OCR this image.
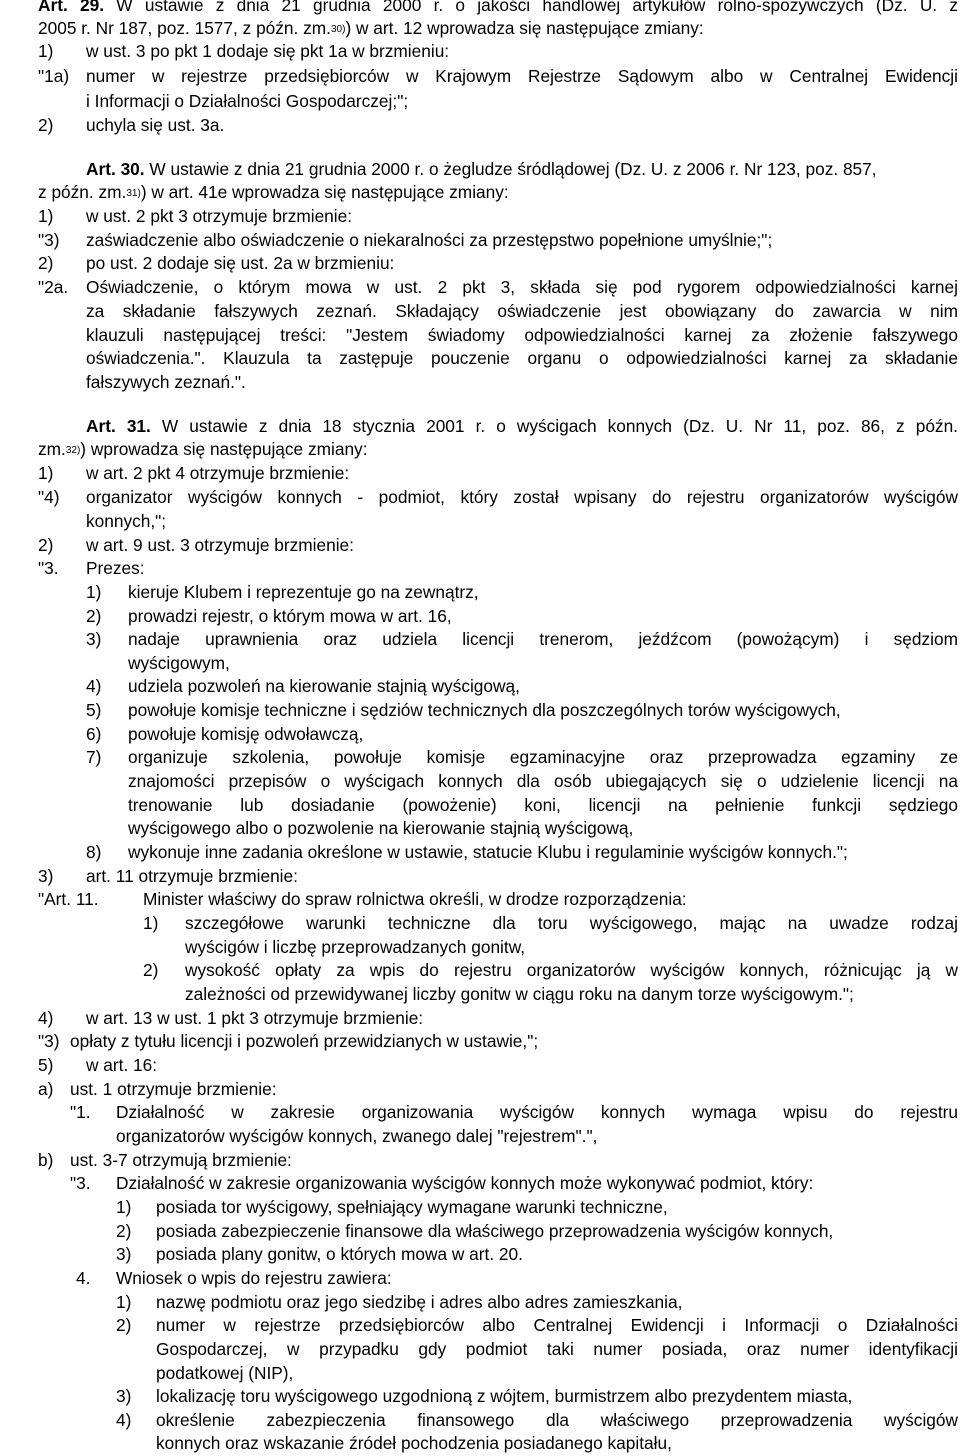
Art. 29. W ustawie z dnia 21 grudnia 2000 r. o jakości handlowej artykułów rolno-spożywczych (Dz. U. z
2005 r. Nr 187, poz. 1577, z późn. zm.$^{30)}$) w art. 12 wprowadza się następujące zmiany:
1) w ust. 3 po pkt 1 dodaje się pkt 1a w brzmieniu:
"1a) numer w rejestrze przedsiębiorców w Krajowym Rejestrze Sądowym albo w Centralnej Ewidencji
i Informacji o Działalności Gospodarczej;";
2) uchyla się ust. 3a.
Art. 30. W ustawie z dnia 21 grudnia 2000 r. o żegludze śródlądowej (Dz. U. z 2006 r. Nr 123, poz. 857,
z późn. zm.$^{31)}$) w art. 41e wprowadza się następujące zmiany:
1) w ust. 2 pkt 3 otrzymuje brzmienie:
"3) zaświadczenie albo oświadczenie o niekaralności za przestępstwo popełnione umyślnie;";
2) po ust. 2 dodaje się ust. 2a w brzmieniu:
"2a. Oświadczenie, o którym mowa w ust. 2 pkt 3, składa się pod rygorem odpowiedzialności karnej
za składanie fałszywych zeznań. Składający oświadczenie jest obowiązany do zawarcia w nim
klauzuli następującej treści: "Jestem świadomy odpowiedzialności karnej za złożenie fałszywego
oświadczenia.". Klauzula ta zastępuje pouczenie organu o odpowiedzialności karnej za składanie
fałszywych zeznań.".
Art. 31. W ustawie z dnia 18 stycznia 2001 r. o wyścigach konnych (Dz. U. Nr 11, poz. 86, z późn.
zm.$^{32)}$) wprowadza się następujące zmiany:
1) w art. 2 pkt 4 otrzymuje brzmienie:
"4) organizator wyścigów konnych - podmiot, który został wpisany do rejestru organizatorów wyścigów
konnych,";
2) w art. 9 ust. 3 otrzymuje brzmienie:
"3. Prezes:
1) kieruje Klubem i reprezentuje go na zewnątrz,
2) prowadzi rejestr, o którym mowa w art. 16,
3) nadaje uprawnienia oraz udziela licencji trenerom, jeźdźcom (powożącym) i sędziom
wyścigowym,
4) udziela pozwoleń na kierowanie stajnią wyścigową,
5) powołuje komisje techniczne i sędziów technicznych dla poszczególnych torów wyścigowych,
6) powołuje komisję odwoławczą,
7) organizuje szkolenia, powołuje komisje egzaminacyjne oraz przeprowadza egzaminy ze
znajomości przepisów o wyścigach konnych dla osób ubiegających się o udzielenie licencji na
trenowanie lub dosiadanie (powożenie) koni, licencji na pełnienie funkcji sędziego
wyścigowego albo o pozwolenie na kierowanie stajnią wyścigową,
8) wykonuje inne zadania określone w ustawie, statucie Klubu i regulaminie wyścigów konnych.";
3) art. 11 otrzymuje brzmienie:
"Art. 11.	Minister właściwy do spraw rolnictwa określi, w drodze rozporządzenia:
1) szczegółowe warunki techniczne dla toru wyścigowego, mając na uwadze rodzaj
wyścigów i liczbę przeprowadzanych gonitw,
2) wysokość opłaty za wpis do rejestru organizatorów wyścigów konnych, różnicując ją w
zależności od przewidywanej liczby gonitw w ciągu roku na danym torze wyścigowym.";
4) w art. 13 w ust. 1 pkt 3 otrzymuje brzmienie:
"3) opłaty z tytułu licencji i pozwoleń przewidzianych w ustawie,";
5) w art. 16:
a) ust. 1 otrzymuje brzmienie:
"1. Działalność w zakresie organizowania wyścigów konnych wymaga wpisu do rejestru
organizatorów wyścigów konnych, zwanego dalej "rejestrem".",
b) ust. 3-7 otrzymują brzmienie:
"3. Działalność w zakresie organizowania wyścigów konnych może wykonywać podmiot, który:
1) posiada tor wyścigowy, spełniający wymagane warunki techniczne,
2) posiada zabezpieczenie finansowe dla właściwego przeprowadzenia wyścigów konnych,
3) posiada plany gonitw, o których mowa w art. 20.
4. Wniosek o wpis do rejestru zawiera:
1) nazwę podmiotu oraz jego siedzibę i adres albo adres zamieszkania,
2) numer w rejestrze przedsiębiorców albo Centralnej Ewidencji i Informacji o Działalności
Gospodarczej, w przypadku gdy podmiot taki numer posiada, oraz numer identyfikacji
podatkowej (NIP),
3) lokalizację toru wyścigowego uzgodnioną z wójtem, burmistrzem albo prezydentem miasta,
4) określenie zabezpieczenia finansowego dla właściwego przeprowadzenia wyścigów
konnych oraz wskazanie źródeł pochodzenia posiadanego kapitału,
